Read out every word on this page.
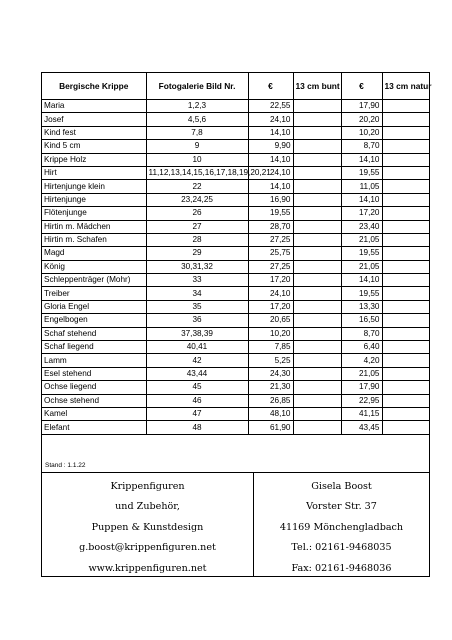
Bergische Krippe	Fotogalerie Bild Nr.	€	13 cm bunt	€	13 cm natur
Maria	1,2,3	22,55		17,90	
Josef	4,5,6	24,10		20,20	
Kind fest	7,8	14,10		10,20	
Kind 5 cm	9	9,90		8,70	
Krippe Holz	10	14,10		14,10	
Hirt	11,12,13,14,15,16,17,18,19,20,21	24,10		19,55	
Hirtenjunge klein	22	14,10		11,05	
Hirtenjunge	23,24,25	16,90		14,10	
Flötenjunge	26	19,55		17,20	
Hirtin m. Mädchen	27	28,70		23,40	
Hirtin m. Schafen	28	27,25		21,05	
Magd	29	25,75		19,55	
König	30,31,32	27,25		21,05	
Schleppenträger (Mohr)	33	17,20		14,10	
Treiber	34	24,10		19,55	
Gloria Engel	35	17,20		13,30	
Engelbogen	36	20,65		16,50	
Schaf stehend	37,38,39	10,20		8,70	
Schaf liegend	40,41	7,85		6,40	
Lamm	42	5,25		4,20	
Esel stehend	43,44	24,30		21,05	
Ochse liegend	45	21,30		17,90	
Ochse stehend	46	26,85		22,95	
Kamel	47	48,10		41,15	
Elefant	48	61,90		43,45	
Stand : 1.1.22
Krippenfiguren
und Zubehör,
Puppen & Kunstdesign
g.boost@krippenfiguren.net
www.krippenfiguren.net
Gisela Boost
Vorster Str. 37
41169 Mönchengladbach
Tel.: 02161-9468035
Fax: 02161-9468036
